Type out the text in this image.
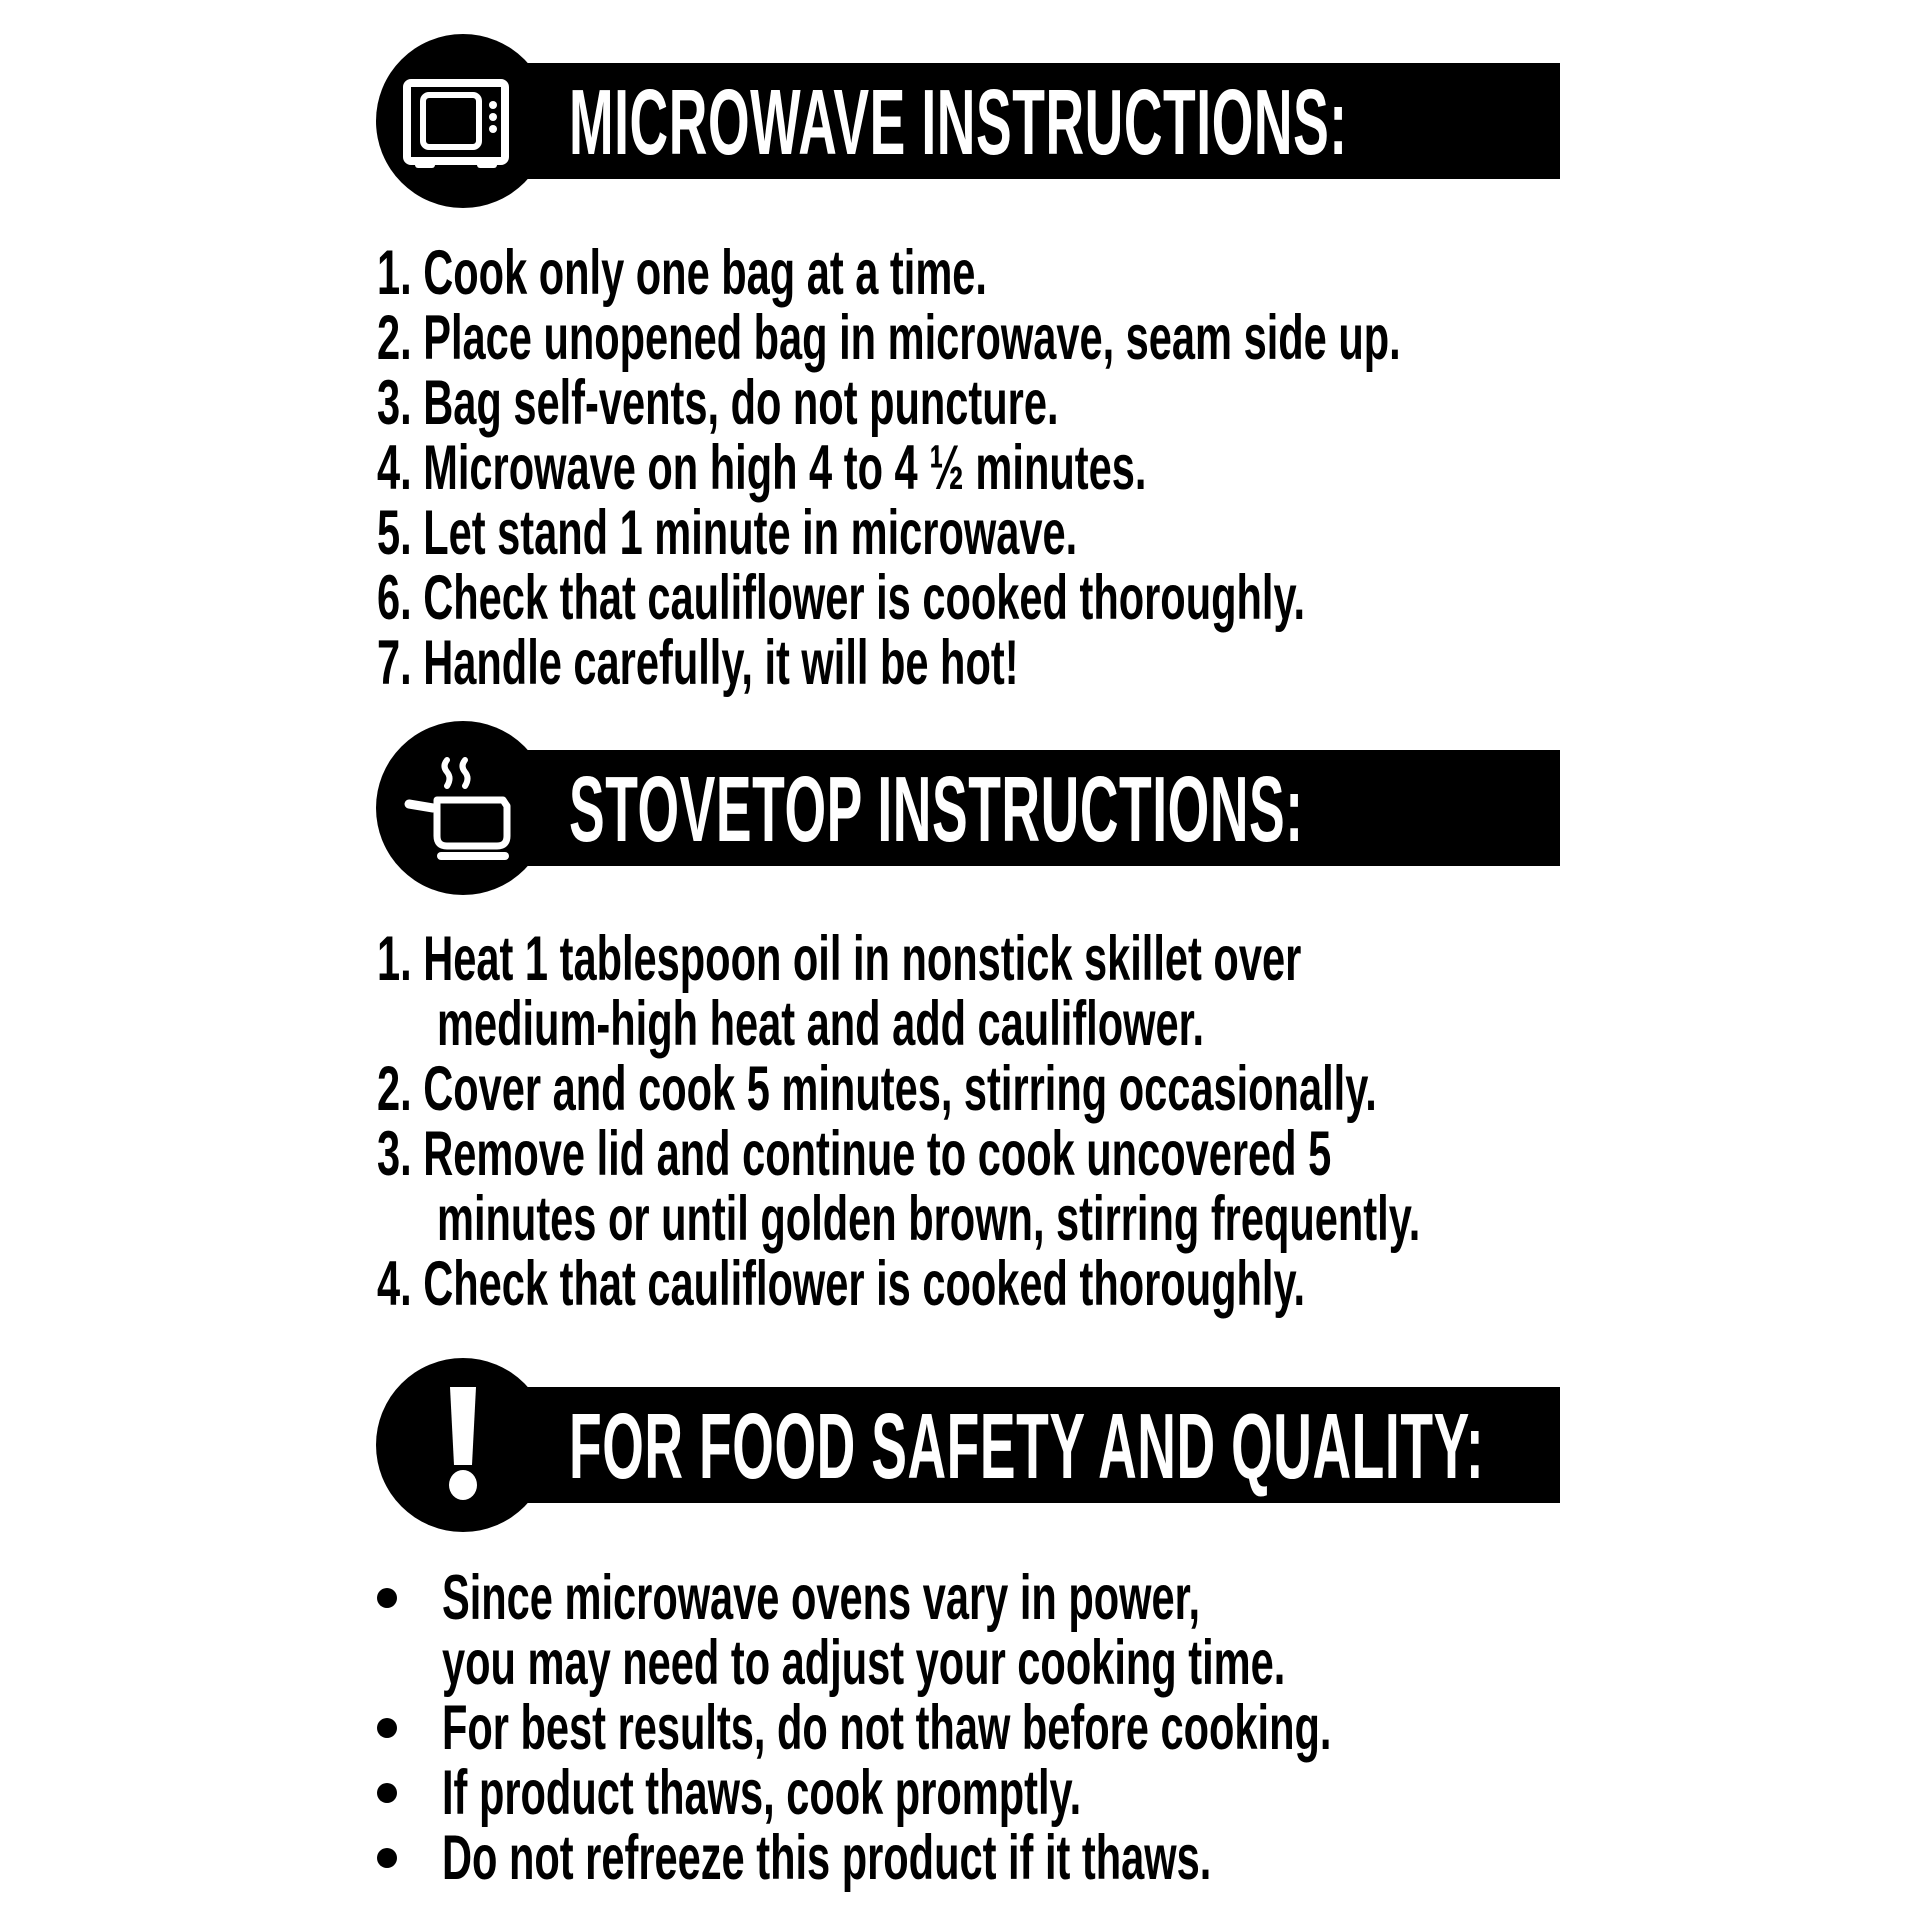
MICROWAVE INSTRUCTIONS:
1. Cook only one bag at a time.
2. Place unopened bag in microwave, seam side up.
3. Bag self-vents, do not puncture.
4. Microwave on high 4 to 4 ½ minutes.
5. Let stand 1 minute in microwave.
6. Check that cauliflower is cooked thoroughly.
7. Handle carefully, it will be hot!
STOVETOP INSTRUCTIONS:
1. Heat 1 tablespoon oil in nonstick skillet over
medium-high heat and add cauliflower.
2. Cover and cook 5 minutes, stirring occasionally.
3. Remove lid and continue to cook uncovered 5
minutes or until golden brown, stirring frequently.
4. Check that cauliflower is cooked thoroughly.
FOR FOOD SAFETY AND QUALITY:
Since microwave ovens vary in power,
you may need to adjust your cooking time.
For best results, do not thaw before cooking.
If product thaws, cook promptly.
Do not refreeze this product if it thaws.
